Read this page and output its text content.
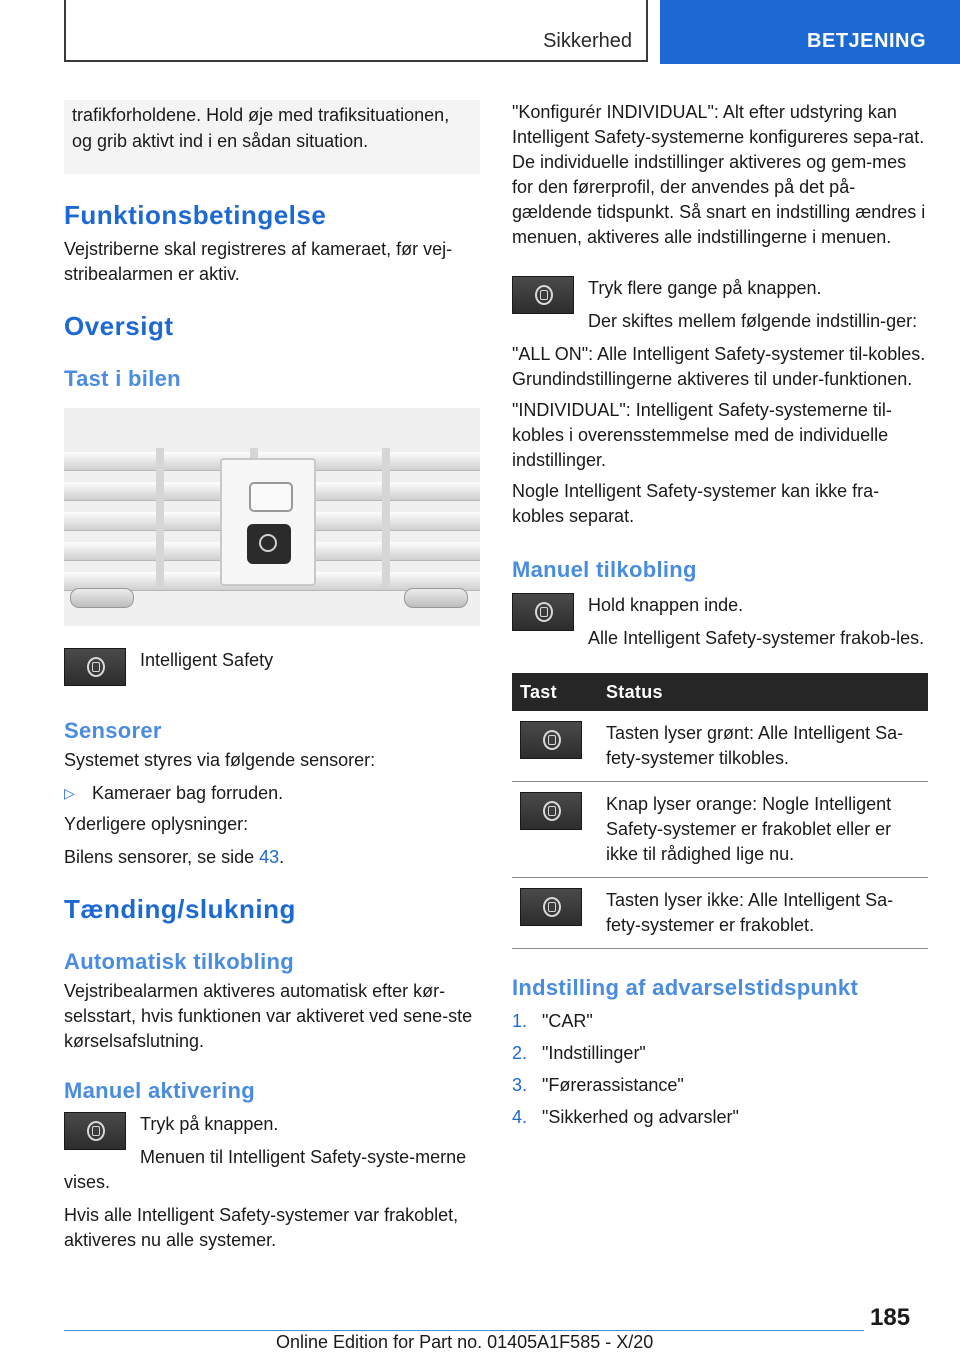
Sikkerhed	BETJENING
trafikforholdene. Hold øje med trafiksituationen, og grib aktivt ind i en sådan situation.
Funktionsbetingelse

Vejstriberne skal registreres af kameraet, før vej-stribealarmen er aktiv.

Oversigt
Tast i bilen

Intelligent Safety

Sensorer

Systemet styres via følgende sensorer:

▷ Kameraer bag forruden.

Yderligere oplysninger:

Bilens sensorer, se side 43.

Tænding/slukning
Automatisk tilkobling

Vejstribealarmen aktiveres automatisk efter kør-selsstart, hvis funktionen var aktiveret ved sene-ste kørselsafslutning.

Manuel aktivering

Tryk på knappen.

Menuen til Intelligent Safety-syste-merne vises.

Hvis alle Intelligent Safety-systemer var frakoblet, aktiveres nu alle systemer.

"Konfigurér INDIVIDUAL": Alt efter udstyring kan Intelligent Safety-systemerne konfigureres sepa-rat. De individuelle indstillinger aktiveres og gem-mes for den førerprofil, der anvendes på det på-gældende tidspunkt. Så snart en indstilling ændres i menuen, aktiveres alle indstillingerne i menuen.

Tryk flere gange på knappen.

Der skiftes mellem følgende indstillin-ger:

"ALL ON": Alle Intelligent Safety-systemer til-kobles. Grundindstillingerne aktiveres til under-funktionen.

"INDIVIDUAL": Intelligent Safety-systemerne til-kobles i overensstemmelse med de individuelle indstillinger.

Nogle Intelligent Safety-systemer kan ikke fra-kobles separat.

Manuel tilkobling

Hold knappen inde.

Alle Intelligent Safety-systemer frakob-les.

Tast	Status

	Tasten lyser grønt: Alle Intelligent Sa-fety-systemer tilkobles.

	Knap lyser orange: Nogle Intelligent Safety-systemer er frakoblet eller er ikke til rådighed lige nu.

	Tasten lyser ikke: Alle Intelligent Sa-fety-systemer er frakoblet.
Indstilling af advarselstidspunkt
1. "CAR"
2. "Indstillinger"
3. "Førerassistance"
4. "Sikkerhed og advarsler"
185
Online Edition for Part no. 01405A1F585 - X/20
